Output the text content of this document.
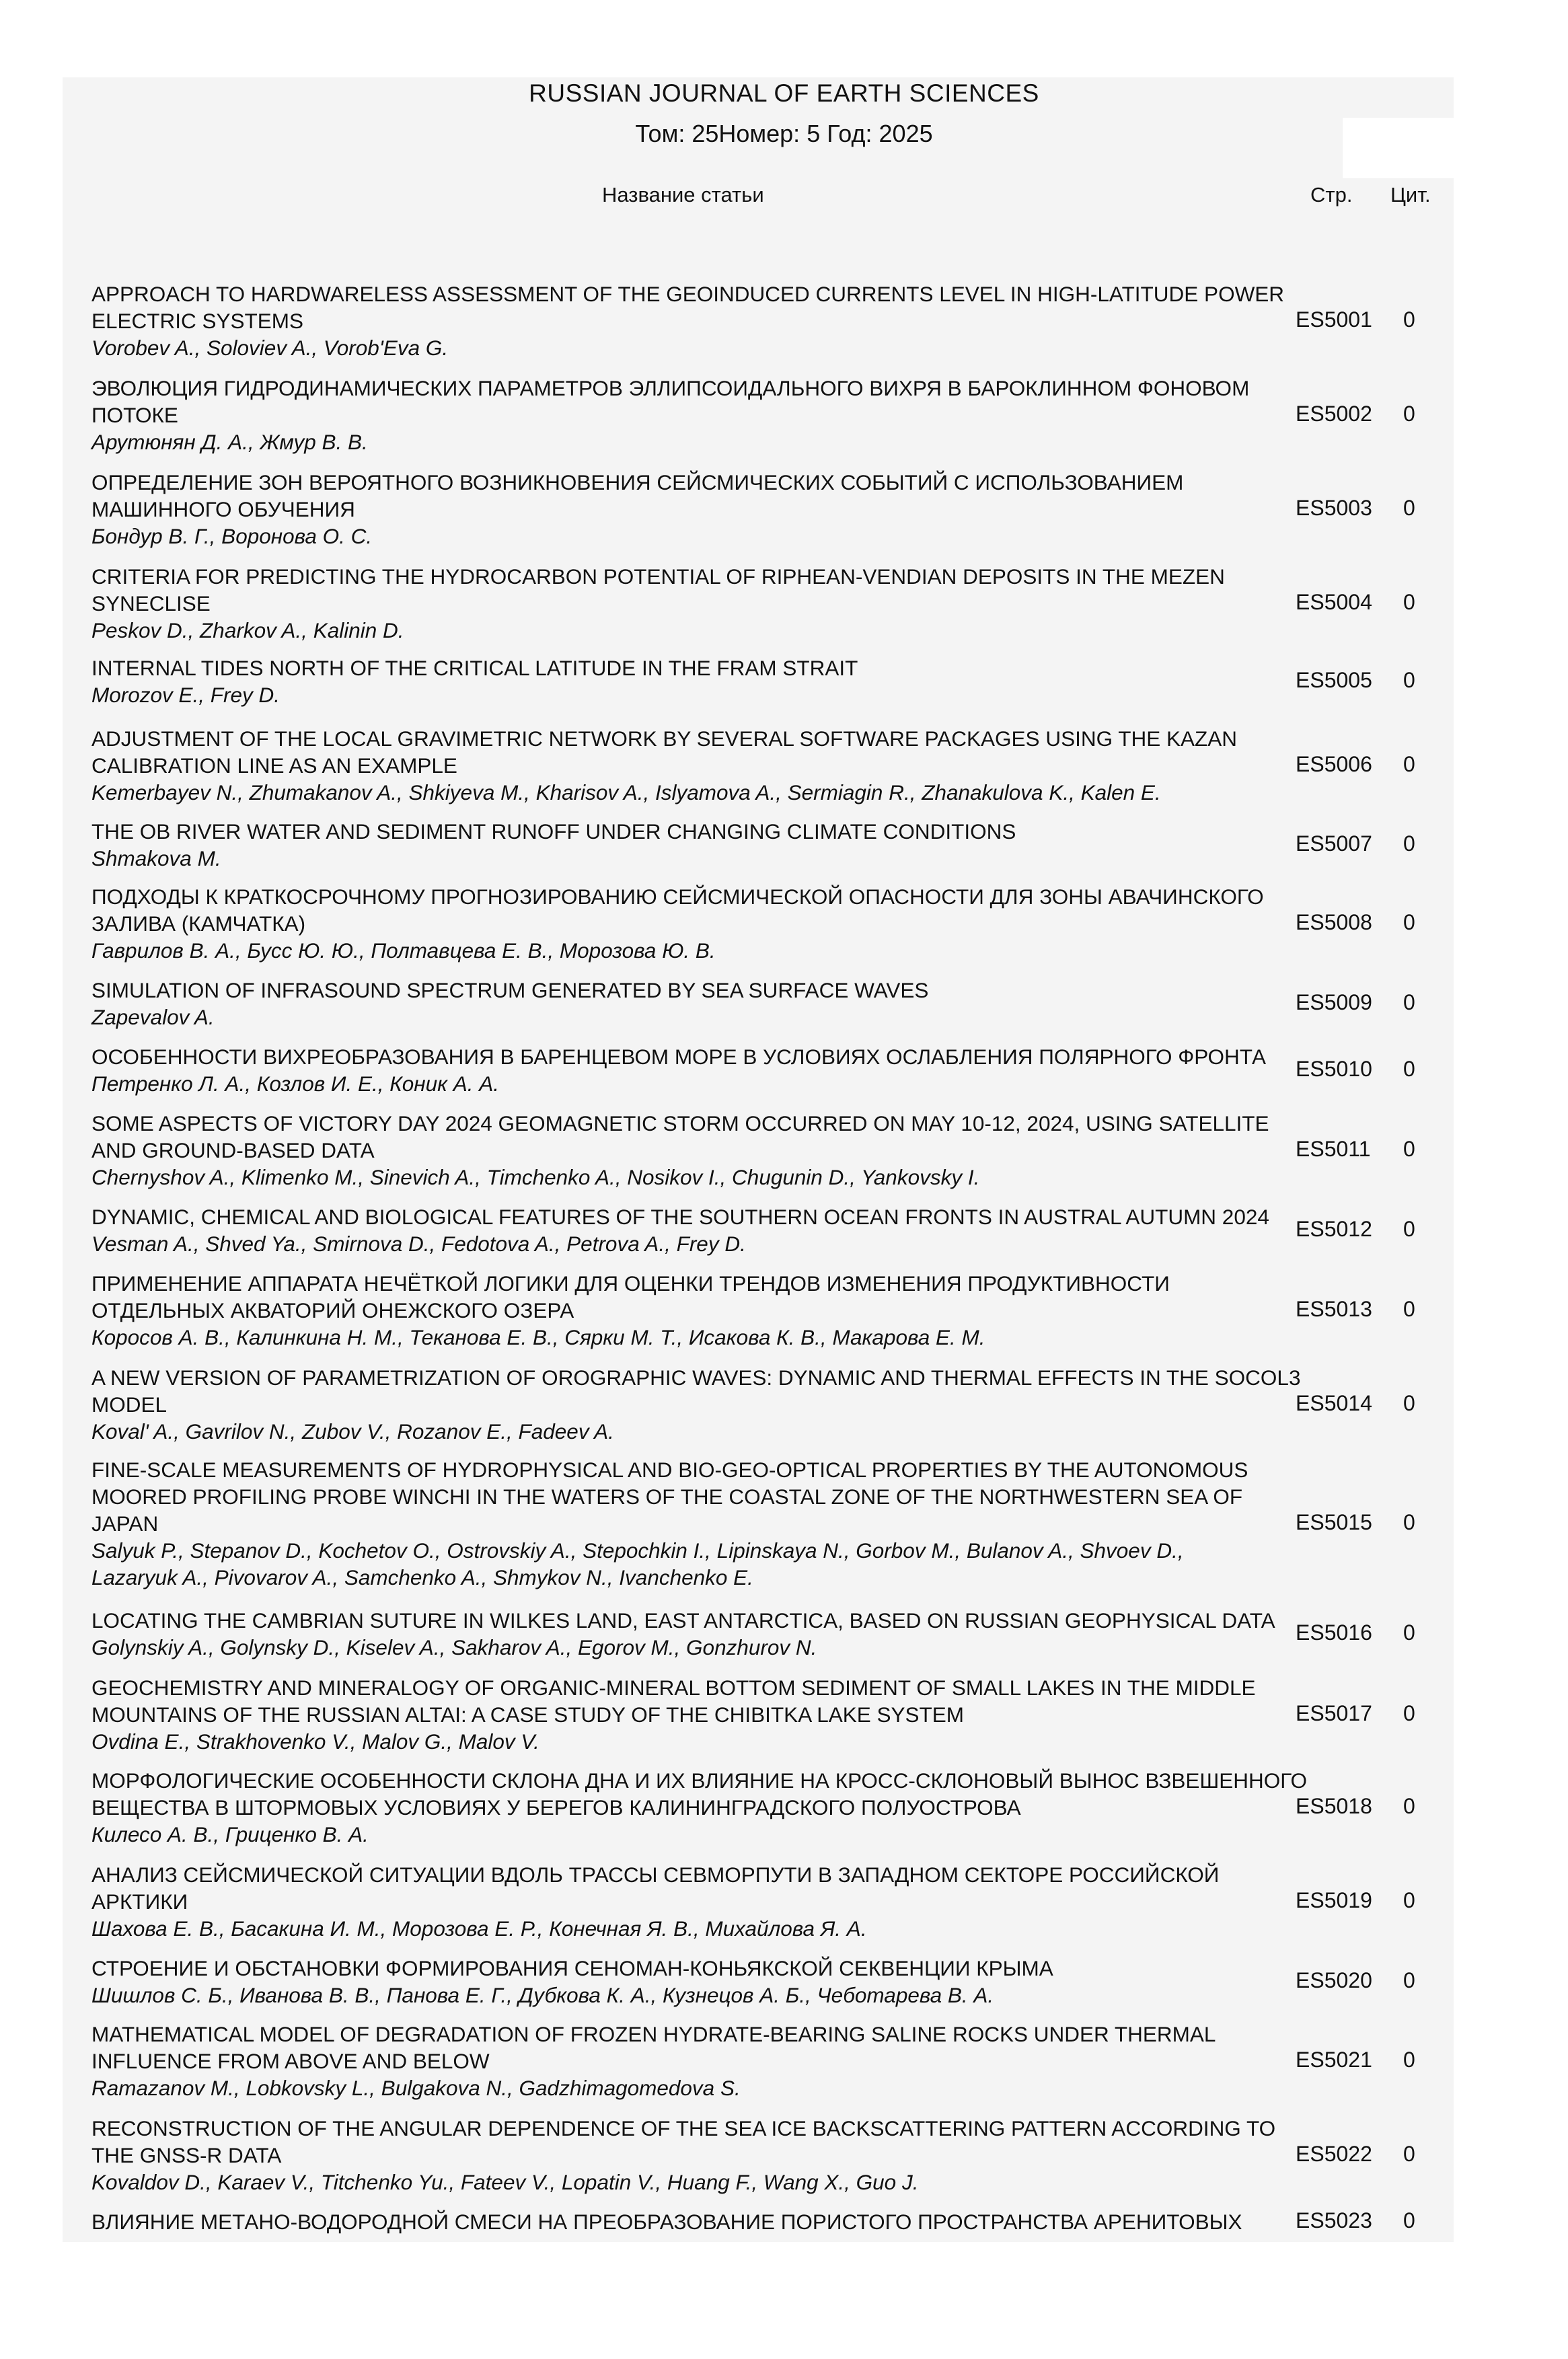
RUSSIAN JOURNAL OF EARTH SCIENCES
Том: 25Номер: 5 Год: 2025
Название статьи	Стр. Цит.
APPROACH TO HARDWARELESS ASSESSMENT OF THE GEOINDUCED CURRENTS LEVEL IN HIGH-LATITUDE POWER
ELECTRIC SYSTEMS
Vorobev A., Soloviev A., Vorob'Eva G.
ES5001 0
ЭВОЛЮЦИЯ ГИДРОДИНАМИЧЕСКИХ ПАРАМЕТРОВ ЭЛЛИПСОИДАЛЬНОГО ВИХРЯ В БАРОКЛИННОМ ФОНОВОМ
ПОТОКЕ
Арутюнян Д. А., Жмур В. В.
ES5002 0
ОПРЕДЕЛЕНИЕ ЗОН ВЕРОЯТНОГО ВОЗНИКНОВЕНИЯ СЕЙСМИЧЕСКИХ СОБЫТИЙ С ИСПОЛЬЗОВАНИЕМ
МАШИННОГО ОБУЧЕНИЯ
Бондур В. Г., Воронова О. С.
ES5003 0
CRITERIA FOR PREDICTING THE HYDROCARBON POTENTIAL OF RIPHEAN-VENDIAN DEPOSITS IN THE MEZEN
SYNECLISE
Peskov D., Zharkov A., Kalinin D.
ES5004 0
INTERNAL TIDES NORTH OF THE CRITICAL LATITUDE IN THE FRAM STRAIT
Morozov E., Frey D.
ES5005 0
ADJUSTMENT OF THE LOCAL GRAVIMETRIC NETWORK BY SEVERAL SOFTWARE PACKAGES USING THE KAZAN
CALIBRATION LINE AS AN EXAMPLE
Kemerbayev N., Zhumakanov A., Shkiyeva M., Kharisov A., Islyamova A., Sermiagin R., Zhanakulova K., Kalen E.
ES5006 0
THE OB RIVER WATER AND SEDIMENT RUNOFF UNDER CHANGING CLIMATE CONDITIONS
Shmakova M.
ES5007 0
ПОДХОДЫ К КРАТКОСРОЧНОМУ ПРОГНОЗИРОВАНИЮ СЕЙСМИЧЕСКОЙ ОПАСНОСТИ ДЛЯ ЗОНЫ АВАЧИНСКОГО
ЗАЛИВА (КАМЧАТКА)
Гаврилов В. А., Бусс Ю. Ю., Полтавцева Е. В., Морозова Ю. В.
ES5008 0
SIMULATION OF INFRASOUND SPECTRUM GENERATED BY SEA SURFACE WAVES
Zapevalov A.
ES5009 0
ОСОБЕННОСТИ ВИХРЕОБРАЗОВАНИЯ В БАРЕНЦЕВОМ МОРЕ В УСЛОВИЯХ ОСЛАБЛЕНИЯ ПОЛЯРНОГО ФРОНТА
Петренко Л. А., Козлов И. Е., Коник А. А.
ES5010 0
SOME ASPECTS OF VICTORY DAY 2024 GEOMAGNETIC STORM OCCURRED ON MAY 10-12, 2024, USING SATELLITE
AND GROUND-BASED DATA
Chernyshov A., Klimenko M., Sinevich A., Timchenko A., Nosikov I., Chugunin D., Yankovsky I.
ES5011 0
DYNAMIC, CHEMICAL AND BIOLOGICAL FEATURES OF THE SOUTHERN OCEAN FRONTS IN AUSTRAL AUTUMN 2024
Vesman A., Shved Ya., Smirnova D., Fedotova A., Petrova A., Frey D.
ES5012 0
ПРИМЕНЕНИЕ АППАРАТА НЕЧЁТКОЙ ЛОГИКИ ДЛЯ ОЦЕНКИ ТРЕНДОВ ИЗМЕНЕНИЯ ПРОДУКТИВНОСТИ
ОТДЕЛЬНЫХ АКВАТОРИЙ ОНЕЖСКОГО ОЗЕРА
Коросов А. В., Калинкина Н. М., Теканова Е. В., Сярки М. Т., Исакова К. В., Макарова Е. М.
ES5013 0
A NEW VERSION OF PARAMETRIZATION OF OROGRAPHIC WAVES: DYNAMIC AND THERMAL EFFECTS IN THE SOCOL3
MODEL
Koval' A., Gavrilov N., Zubov V., Rozanov E., Fadeev A.
ES5014 0
FINE-SCALE MEASUREMENTS OF HYDROPHYSICAL AND BIO-GEO-OPTICAL PROPERTIES BY THE AUTONOMOUS
MOORED PROFILING PROBE WINCHI IN THE WATERS OF THE COASTAL ZONE OF THE NORTHWESTERN SEA OF
JAPAN
Salyuk P., Stepanov D., Kochetov O., Ostrovskiy A., Stepochkin I., Lipinskaya N., Gorbov M., Bulanov A., Shvoev D.,
Lazaryuk A., Pivovarov A., Samchenko A., Shmykov N., Ivanchenko E.
ES5015 0
LOCATING THE CAMBRIAN SUTURE IN WILKES LAND, EAST ANTARCTICA, BASED ON RUSSIAN GEOPHYSICAL DATA
Golynskiy A., Golynsky D., Kiselev A., Sakharov A., Egorov M., Gonzhurov N.
ES5016 0
GEOCHEMISTRY AND MINERALOGY OF ORGANIC-MINERAL BOTTOM SEDIMENT OF SMALL LAKES IN THE MIDDLE
MOUNTAINS OF THE RUSSIAN ALTAI: A CASE STUDY OF THE CHIBITKA LAKE SYSTEM
Ovdina E., Strakhovenko V., Malov G., Malov V.
ES5017 0
МОРФОЛОГИЧЕСКИЕ ОСОБЕННОСТИ СКЛОНА ДНА И ИХ ВЛИЯНИЕ НА КРОСС-СКЛОНОВЫЙ ВЫНОС ВЗВЕШЕННОГО
ВЕЩЕСТВА В ШТОРМОВЫХ УСЛОВИЯХ У БЕРЕГОВ КАЛИНИНГРАДСКОГО ПОЛУОСТРОВА
Килесо А. В., Гриценко В. А.
ES5018 0
АНАЛИЗ СЕЙСМИЧЕСКОЙ СИТУАЦИИ ВДОЛЬ ТРАССЫ СЕВМОРПУТИ В ЗАПАДНОМ СЕКТОРЕ РОССИЙСКОЙ
АРКТИКИ
Шахова Е. В., Басакина И. М., Морозова Е. Р., Конечная Я. В., Михайлова Я. А.
ES5019 0
СТРОЕНИЕ И ОБСТАНОВКИ ФОРМИРОВАНИЯ СЕНОМАН-КОНЬЯКСКОЙ СЕКВЕНЦИИ КРЫМА
Шишлов С. Б., Иванова В. В., Панова Е. Г., Дубкова К. А., Кузнецов А. Б., Чеботарева В. А.
ES5020 0
MATHEMATICAL MODEL OF DEGRADATION OF FROZEN HYDRATE-BEARING SALINE ROCKS UNDER THERMAL
INFLUENCE FROM ABOVE AND BELOW
Ramazanov M., Lobkovsky L., Bulgakova N., Gadzhimagomedova S.
ES5021 0
RECONSTRUCTION OF THE ANGULAR DEPENDENCE OF THE SEA ICE BACKSCATTERING PATTERN ACCORDING TO
THE GNSS-R DATA
Kovaldov D., Karaev V., Titchenko Yu., Fateev V., Lopatin V., Huang F., Wang X., Guo J.
ES5022 0
ВЛИЯНИЕ МЕТАНО-ВОДОРОДНОЙ СМЕСИ НА ПРЕОБРАЗОВАНИЕ ПОРИСТОГО ПРОСТРАНСТВА АРЕНИТОВЫХ	ES5023 0
